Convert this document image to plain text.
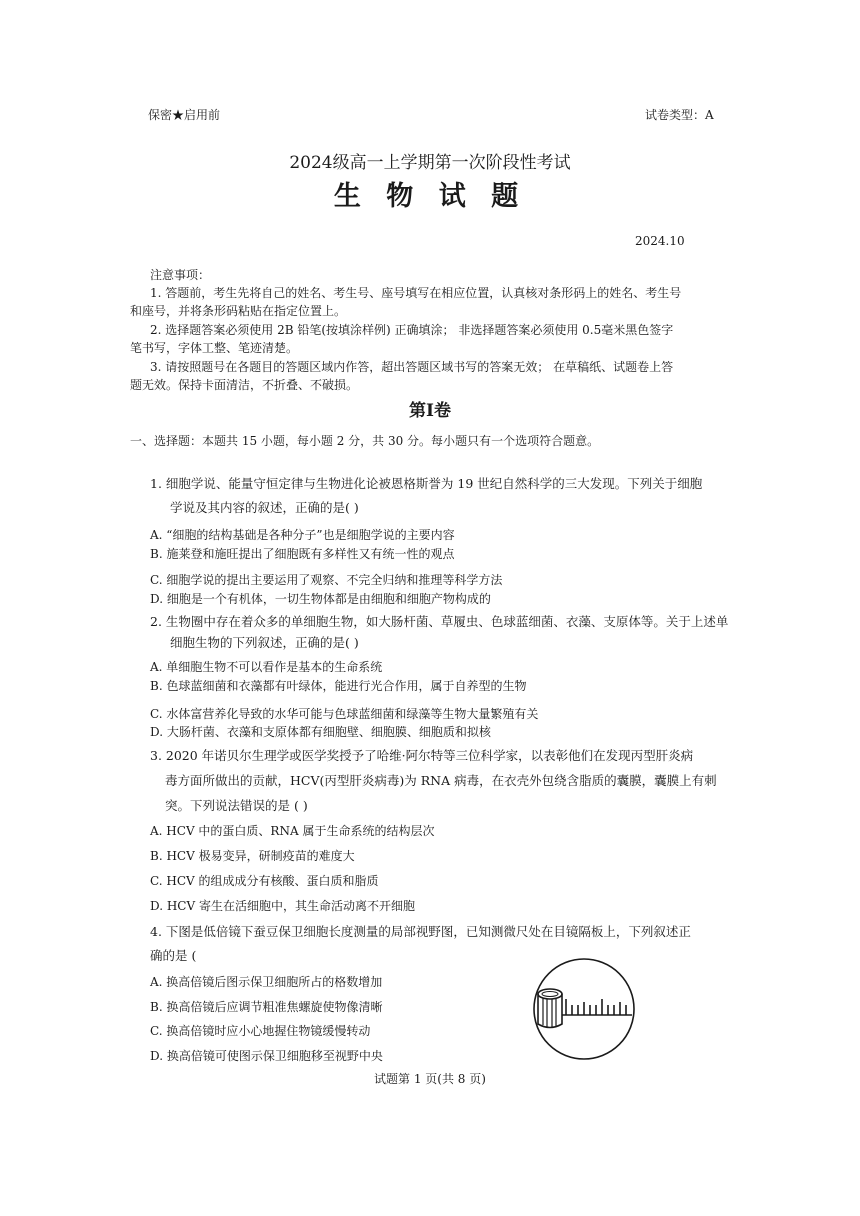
保密★启用前	试卷类型：A
2024级高一上学期第一次阶段性考试
生 物 试 题
2024.10
注意事项：
1. 答题前，考生先将自己的姓名、考生号、座号填写在相应位置，认真核对条形码上的姓名、考生号
和座号，并将条形码粘贴在指定位置上。
2. 选择题答案必须使用 2B 铅笔(按填涂样例) 正确填涂； 非选择题答案必须使用 0.5毫米黑色签字
笔书写，字体工整、笔迹清楚。
3. 请按照题号在各题目的答题区域内作答，超出答题区域书写的答案无效； 在草稿纸、试题卷上答
题无效。保持卡面清洁，不折叠、不破损。
第Ⅰ卷
一、选择题：本题共 15 小题，每小题 2 分，共 30 分。每小题只有一个选项符合题意。
1. 细胞学说、能量守恒定律与生物进化论被恩格斯誉为 19 世纪自然科学的三大发现。下列关于细胞
学说及其内容的叙述，正确的是( )
A. “细胞的结构基础是各种分子”也是细胞学说的主要内容
B. 施莱登和施旺提出了细胞既有多样性又有统一性的观点
C. 细胞学说的提出主要运用了观察、不完全归纳和推理等科学方法
D. 细胞是一个有机体，一切生物体都是由细胞和细胞产物构成的
2. 生物圈中存在着众多的单细胞生物，如大肠杆菌、草履虫、色球蓝细菌、衣藻、支原体等。关于上述单
细胞生物的下列叙述，正确的是( )
A. 单细胞生物不可以看作是基本的生命系统
B. 色球蓝细菌和衣藻都有叶绿体，能进行光合作用，属于自养型的生物
C. 水体富营养化导致的水华可能与色球蓝细菌和绿藻等生物大量繁殖有关
D. 大肠杆菌、衣藻和支原体都有细胞壁、细胞膜、细胞质和拟核
3. 2020 年诺贝尔生理学或医学奖授予了哈维·阿尔特等三位科学家，以表彰他们在发现丙型肝炎病
毒方面所做出的贡献，HCV(丙型肝炎病毒)为 RNA 病毒，在衣壳外包绕含脂质的囊膜，囊膜上有刺
突。下列说法错误的是 ( )
A. HCV 中的蛋白质、RNA 属于生命系统的结构层次
B. HCV 极易变异，研制疫苗的难度大
C. HCV 的组成成分有核酸、蛋白质和脂质
D. HCV 寄生在活细胞中，其生命活动离不开细胞
4. 下图是低倍镜下蚕豆保卫细胞长度测量的局部视野图，已知测微尺处在目镜隔板上，下列叙述正
确的是 (
A. 换高倍镜后图示保卫细胞所占的格数增加
B. 换高倍镜后应调节粗准焦螺旋使物像清晰
C. 换高倍镜时应小心地握住物镜缓慢转动
D. 换高倍镜可使图示保卫细胞移至视野中央
试题第 1 页(共 8 页)
